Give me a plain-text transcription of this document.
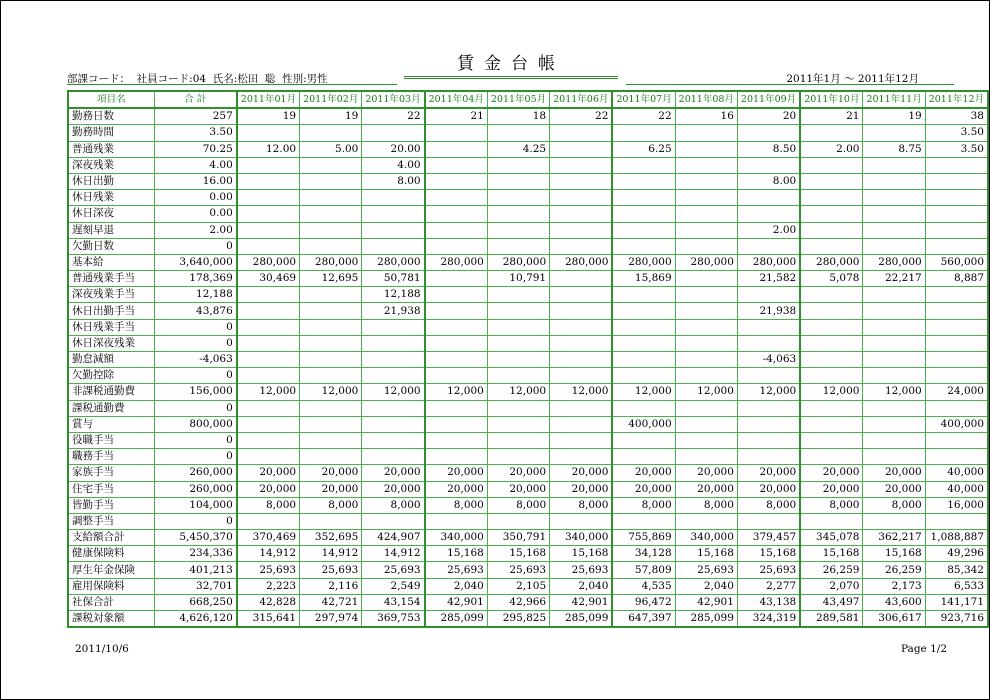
賃金台帳
部課コード：  社員コード:04  氏名:松田  聡  性別:男性	2011年1月 ～ 2011年12月
項目名	合 計	2011年01月	2011年02月	2011年03月	2011年04月	2011年05月	2011年06月	2011年07月	2011年08月	2011年09月	2011年10月	2011年11月	2011年12月
勤務日数	257	19	19	22	21	18	22	22	16	20	21	19	38
勤務時間	3.50												3.50
普通残業	70.25	12.00	5.00	20.00		4.25		6.25		8.50	2.00	8.75	3.50
深夜残業	4.00			4.00									
休日出勤	16.00			8.00						8.00			
休日残業	0.00												
休日深夜	0.00												
遅刻早退	2.00									2.00			
欠勤日数	0												
基本給	3,640,000	280,000	280,000	280,000	280,000	280,000	280,000	280,000	280,000	280,000	280,000	280,000	560,000
普通残業手当	178,369	30,469	12,695	50,781		10,791		15,869		21,582	5,078	22,217	8,887
深夜残業手当	12,188			12,188									
休日出勤手当	43,876			21,938						21,938			
休日残業手当	0												
休日深夜残業	0												
勤怠減額	-4,063									-4,063			
欠勤控除	0												
非課税通勤費	156,000	12,000	12,000	12,000	12,000	12,000	12,000	12,000	12,000	12,000	12,000	12,000	24,000
課税通勤費	0												
賞与	800,000							400,000					400,000
役職手当	0												
職務手当	0												
家族手当	260,000	20,000	20,000	20,000	20,000	20,000	20,000	20,000	20,000	20,000	20,000	20,000	40,000
住宅手当	260,000	20,000	20,000	20,000	20,000	20,000	20,000	20,000	20,000	20,000	20,000	20,000	40,000
皆勤手当	104,000	8,000	8,000	8,000	8,000	8,000	8,000	8,000	8,000	8,000	8,000	8,000	16,000
調整手当	0												
支給額合計	5,450,370	370,469	352,695	424,907	340,000	350,791	340,000	755,869	340,000	379,457	345,078	362,217	1,088,887
健康保険料	234,336	14,912	14,912	14,912	15,168	15,168	15,168	34,128	15,168	15,168	15,168	15,168	49,296
厚生年金保険	401,213	25,693	25,693	25,693	25,693	25,693	25,693	57,809	25,693	25,693	26,259	26,259	85,342
雇用保険料	32,701	2,223	2,116	2,549	2,040	2,105	2,040	4,535	2,040	2,277	2,070	2,173	6,533
社保合計	668,250	42,828	42,721	43,154	42,901	42,966	42,901	96,472	42,901	43,138	43,497	43,600	141,171
課税対象額	4,626,120	315,641	297,974	369,753	285,099	295,825	285,099	647,397	285,099	324,319	289,581	306,617	923,716
2011/10/6	Page 1/2
